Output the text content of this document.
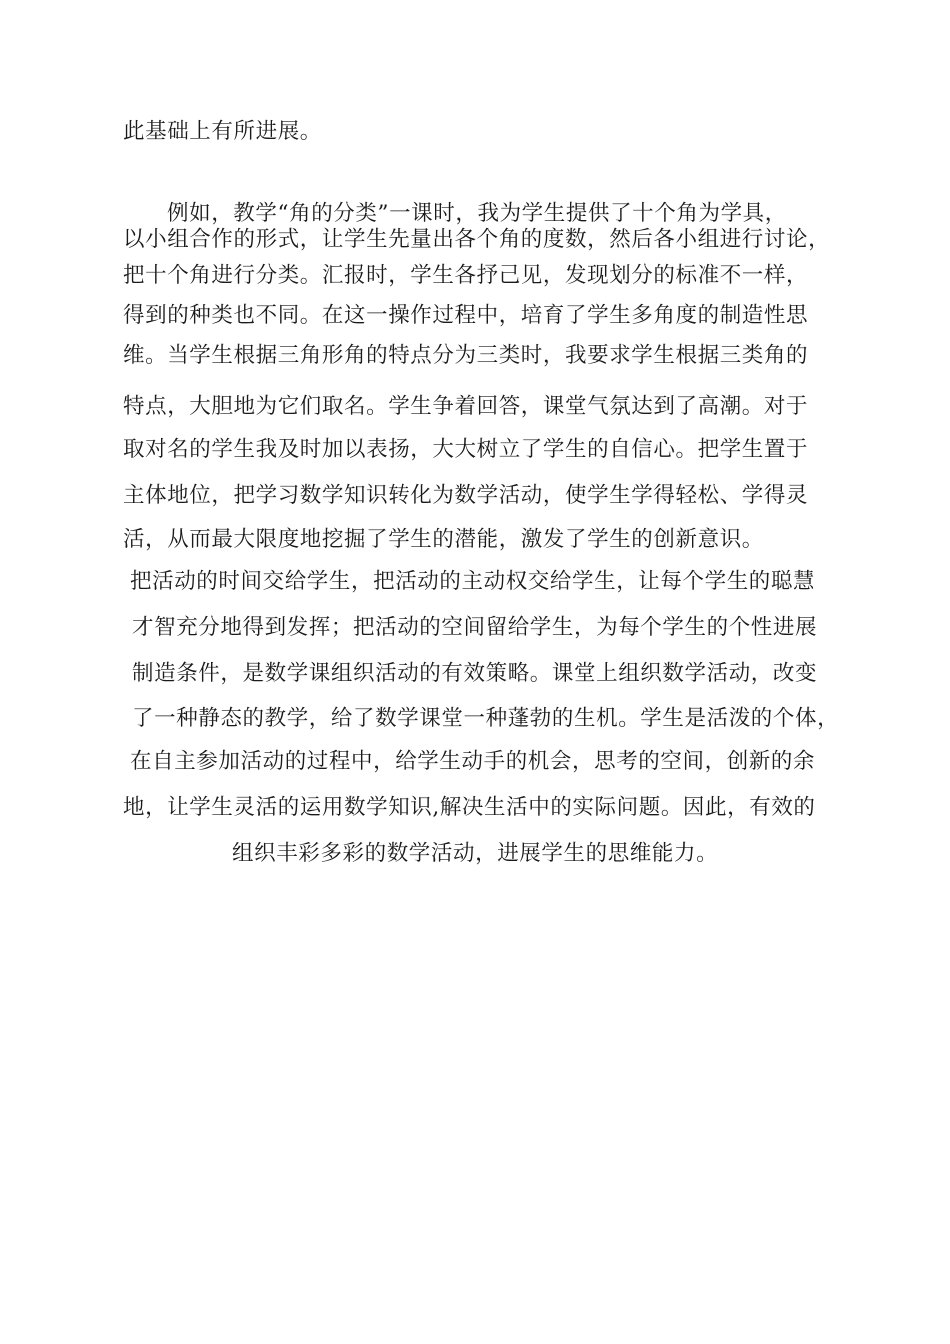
此基础上有所进展。
例如，教学“角的分类”一课时，我为学生提供了十个角为学具，
以小组合作的形式，让学生先量出各个角的度数，然后各小组进行讨论，
把十个角进行分类。汇报时，学生各抒己见，发现划分的标准不一样，
得到的种类也不同。在这一操作过程中，培育了学生多角度的制造性思
维。当学生根据三角形角的特点分为三类时，我要求学生根据三类角的
特点，大胆地为它们取名。学生争着回答，课堂气氛达到了高潮。对于
取对名的学生我及时加以表扬，大大树立了学生的自信心。把学生置于
主体地位，把学习数学知识转化为数学活动，使学生学得轻松、学得灵
活，从而最大限度地挖掘了学生的潜能，激发了学生的创新意识。
把活动的时间交给学生，把活动的主动权交给学生，让每个学生的聪慧
才智充分地得到发挥；把活动的空间留给学生，为每个学生的个性进展
制造条件，是数学课组织活动的有效策略。课堂上组织数学活动，改变
了一种静态的教学，给了数学课堂一种蓬勃的生机。学生是活泼的个体，
在自主参加活动的过程中，给学生动手的机会，思考的空间，创新的余
地，让学生灵活的运用数学知识,解决生活中的实际问题。因此，有效的
组织丰彩多彩的数学活动，进展学生的思维能力。
